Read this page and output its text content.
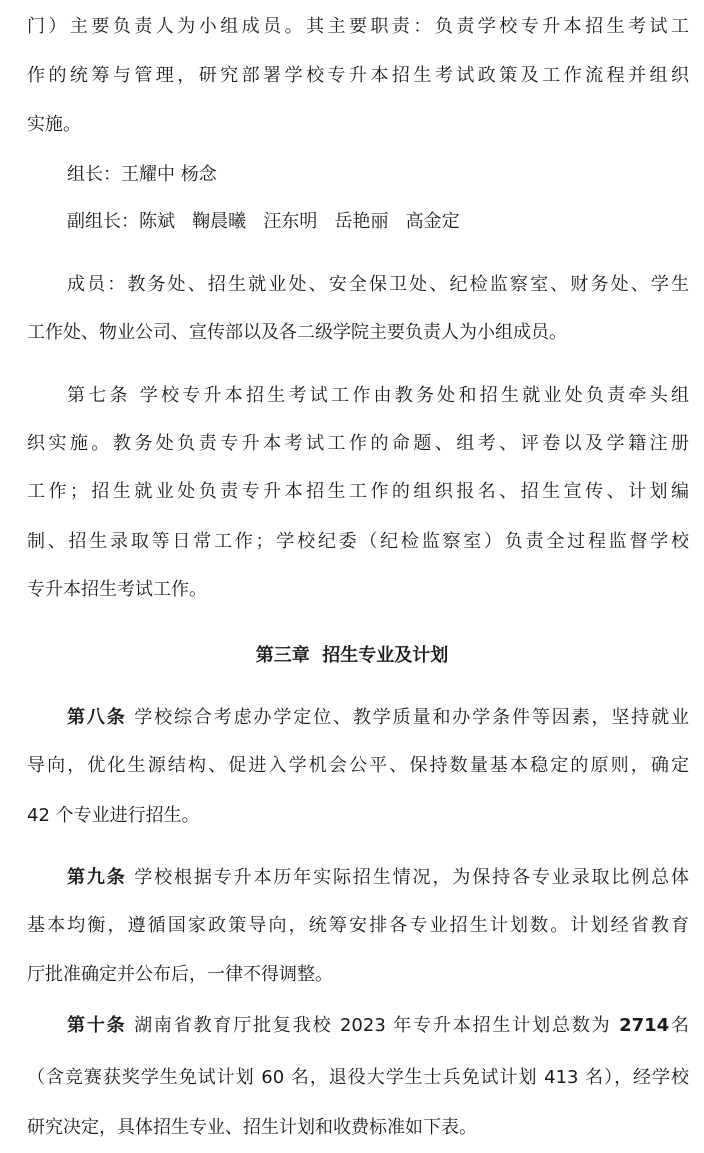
门）主要负责人为小组成员。其主要职责：负责学校专升本招生考试工
作的统筹与管理，研究部署学校专升本招生考试政策及工作流程并组织
实施。
组长：王耀中 杨念
副组长：陈斌   鞠晨曦   汪东明   岳艳丽   高金定
成员：教务处、招生就业处、安全保卫处、纪检监察室、财务处、学生
工作处、物业公司、宣传部以及各二级学院主要负责人为小组成员。
第七条 学校专升本招生考试工作由教务处和招生就业处负责牵头组
织实施。教务处负责专升本考试工作的命题、组考、评卷以及学籍注册
工作；招生就业处负责专升本招生工作的组织报名、招生宣传、计划编
制、招生录取等日常工作；学校纪委（纪检监察室）负责全过程监督学校
专升本招生考试工作。
第三章  招生专业及计划
第八条 学校综合考虑办学定位、教学质量和办学条件等因素，坚持就业
导向，优化生源结构、促进入学机会公平、保持数量基本稳定的原则，确定
42 个专业进行招生。
第九条 学校根据专升本历年实际招生情况，为保持各专业录取比例总体
基本均衡，遵循国家政策导向，统筹安排各专业招生计划数。计划经省教育
厅批准确定并公布后，一律不得调整。
第十条 湖南省教育厅批复我校 2023 年专升本招生计划总数为 2714名
（含竞赛获奖学生免试计划 60 名，退役大学生士兵免试计划 413 名），经学校
研究决定，具体招生专业、招生计划和收费标准如下表。
